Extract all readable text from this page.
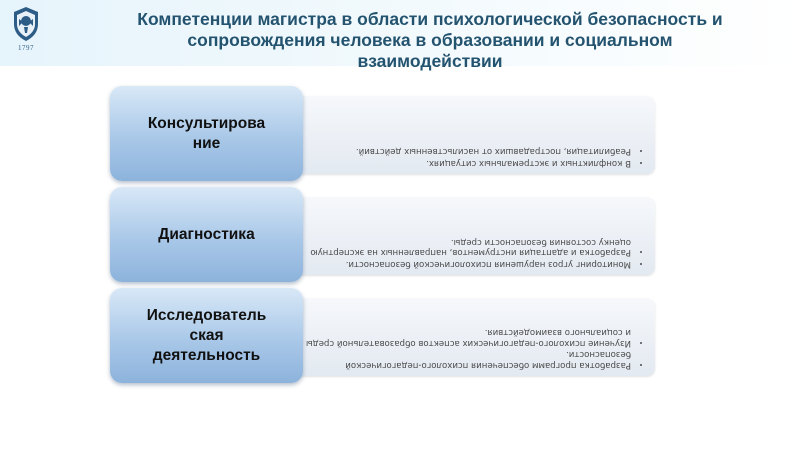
1797
Компетенции магистра в области психологической безопасность и сопровождения человека в образовании и социальном взаимодействии
• В конфликтных и экстремальных ситуациях.
• Реабилитация, пострадавших от насильственных действий.
Консультирова
ние
• Мониторинг угроз нарушения психологической безопасности.
• Разработка и адаптация инструментов, направленных на экспертную оценку состояния безопасности среды.
Диагностика
• Разработка программ обеспечения психолого-педагогической безопасности.
• Изучение психолого-педагогических аспектов образовательной среды и социального взаимодействия.
Исследователь
ская
деятельность
